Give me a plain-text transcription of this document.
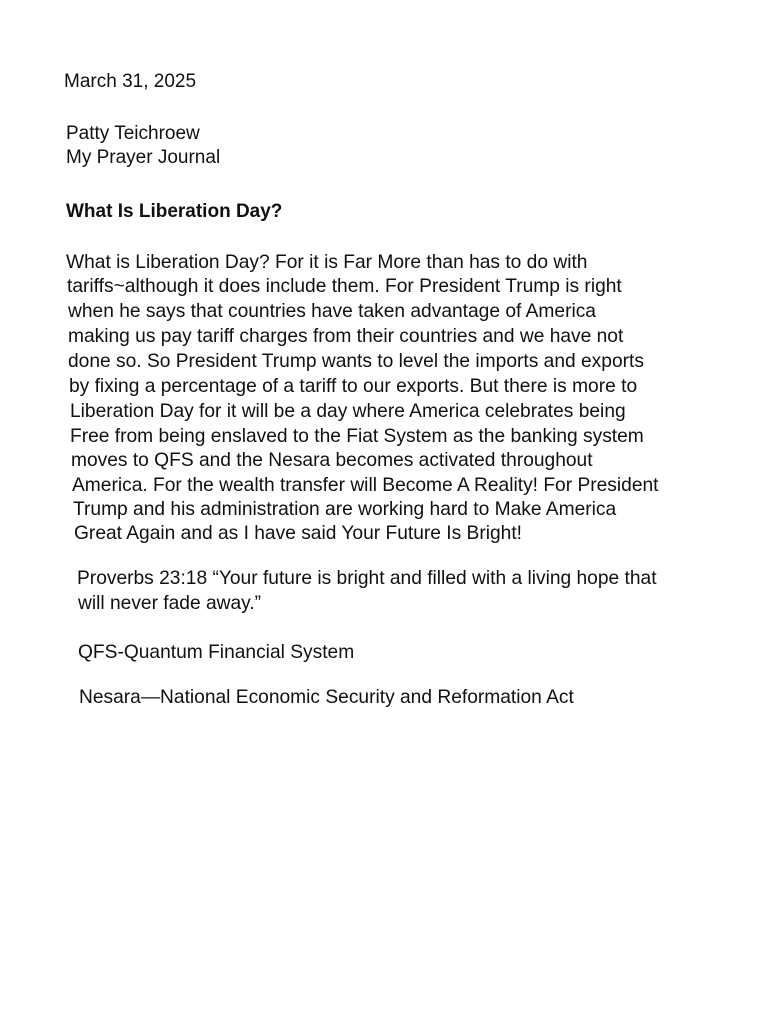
March 31, 2025
Patty Teichroew
My Prayer Journal
What Is Liberation Day?
What is Liberation Day? For it is Far More than has to do with
tariffs~although it does include them. For President Trump is right
when he says that countries have taken advantage of America
making us pay tariff charges from their countries and we have not
done so. So President Trump wants to level the imports and exports
by fixing a percentage of a tariff to our exports. But there is more to
Liberation Day for it will be a day where America celebrates being
Free from being enslaved to the Fiat System as the banking system
moves to QFS and the Nesara becomes activated throughout
America. For the wealth transfer will Become A Reality! For President
Trump and his administration are working hard to Make America
Great Again and as I have said Your Future Is Bright!
Proverbs 23:18 “Your future is bright and filled with a living hope that
will never fade away.”
QFS-Quantum Financial System
Nesara—National Economic Security and Reformation Act
